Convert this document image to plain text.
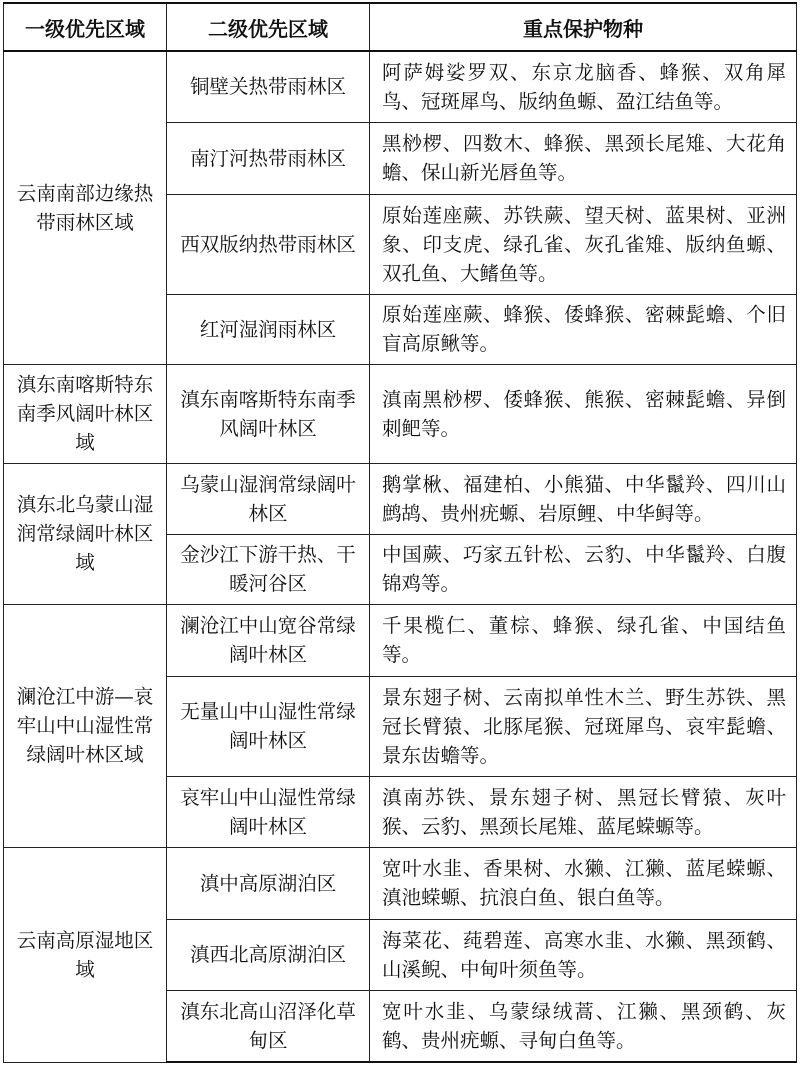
一级优先区域	二级优先区域	重点保护物种
云南南部边缘热带雨林区域	铜壁关热带雨林区	阿萨姆娑罗双、东京龙脑香、蜂猴、双角犀鸟、冠斑犀鸟、版纳鱼螈、盈江结鱼等。
	南汀河热带雨林区	黑桫椤、四数木、蜂猴、黑颈长尾雉、大花角蟾、保山新光唇鱼等。
	西双版纳热带雨林区	原始莲座蕨、苏铁蕨、望天树、蓝果树、亚洲象、印支虎、绿孔雀、灰孔雀雉、版纳鱼螈、双孔鱼、大鳍鱼等。
	红河湿润雨林区	原始莲座蕨、蜂猴、倭蜂猴、密棘髭蟾、个旧盲高原鳅等。
滇东南喀斯特东南季风阔叶林区域	滇东南喀斯特东南季风阔叶林区	滇南黑桫椤、倭蜂猴、熊猴、密棘髭蟾、异倒刺鲃等。
滇东北乌蒙山湿润常绿阔叶林区域	乌蒙山湿润常绿阔叶林区	鹅掌楸、福建柏、小熊猫、中华鬣羚、四川山鹧鸪、贵州疣螈、岩原鲤、中华鲟等。
	金沙江下游干热、干暖河谷区	中国蕨、巧家五针松、云豹、中华鬣羚、白腹锦鸡等。
澜沧江中游—哀牢山中山湿性常绿阔叶林区域	澜沧江中山宽谷常绿阔叶林区	千果榄仁、董棕、蜂猴、绿孔雀、中国结鱼等。
	无量山中山湿性常绿阔叶林区	景东翅子树、云南拟单性木兰、野生苏铁、黑冠长臂猿、北豚尾猴、冠斑犀鸟、哀牢髭蟾、景东齿蟾等。
	哀牢山中山湿性常绿阔叶林区	滇南苏铁、景东翅子树、黑冠长臂猿、灰叶猴、云豹、黑颈长尾雉、蓝尾蝾螈等。
云南高原湿地区域	滇中高原湖泊区	宽叶水韭、香果树、水獭、江獭、蓝尾蝾螈、滇池蝾螈、抗浪白鱼、银白鱼等。
	滇西北高原湖泊区	海菜花、莼碧莲、高寒水韭、水獭、黑颈鹤、山溪鲵、中甸叶须鱼等。
	滇东北高山沼泽化草甸区	宽叶水韭、乌蒙绿绒蒿、江獭、黑颈鹤、灰鹤、贵州疣螈、寻甸白鱼等。
